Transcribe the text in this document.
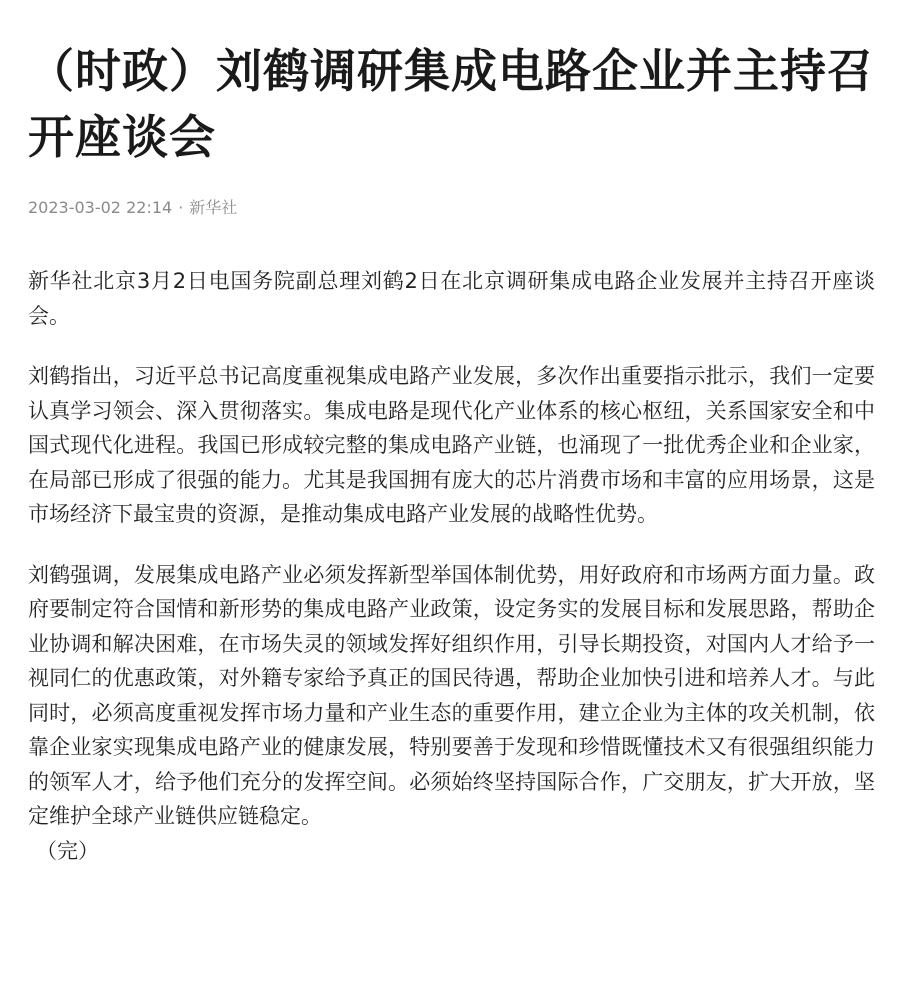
（时政）刘鹤调研集成电路企业并主持召开座谈会
2023-03-02 22:14 · 新华社

新华社北京3月2日电国务院副总理刘鹤2日在北京调研集成电路企业发展并主持召开座谈会。

刘鹤指出，习近平总书记高度重视集成电路产业发展，多次作出重要指示批示，我们一定要认真学习领会、深入贯彻落实。集成电路是现代化产业体系的核心枢纽，关系国家安全和中国式现代化进程。我国已形成较完整的集成电路产业链，也涌现了一批优秀企业和企业家，在局部已形成了很强的能力。尤其是我国拥有庞大的芯片消费市场和丰富的应用场景，这是市场经济下最宝贵的资源，是推动集成电路产业发展的战略性优势。

刘鹤强调，发展集成电路产业必须发挥新型举国体制优势，用好政府和市场两方面力量。政府要制定符合国情和新形势的集成电路产业政策，设定务实的发展目标和发展思路，帮助企业协调和解决困难，在市场失灵的领域发挥好组织作用，引导长期投资，对国内人才给予一视同仁的优惠政策，对外籍专家给予真正的国民待遇，帮助企业加快引进和培养人才。与此同时，必须高度重视发挥市场力量和产业生态的重要作用，建立企业为主体的攻关机制，依靠企业家实现集成电路产业的健康发展，特别要善于发现和珍惜既懂技术又有很强组织能力的领军人才，给予他们充分的发挥空间。必须始终坚持国际合作，广交朋友，扩大开放，坚定维护全球产业链供应链稳定。
（完）
